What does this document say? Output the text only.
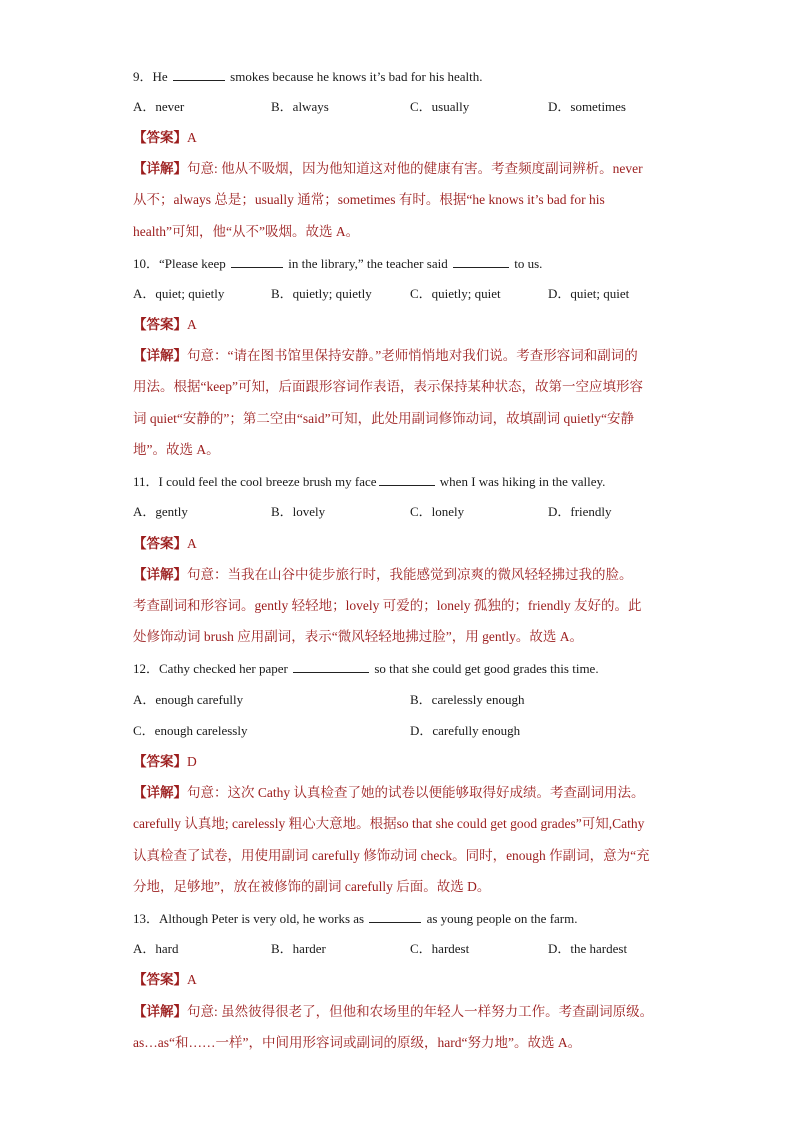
9．He	smokes because he knows it’s bad for his health.
A．never	B．always	C．usually	D．sometimes
【答案】A
【详解】句意: 他从不吸烟，因为他知道这对他的健康有害。考查频度副词辨析。never
从不；always 总是；usually 通常；sometimes 有时。根据“he knows it’s bad for his
health”可知，他“从不”吸烟。故选 A。
10．“Please keep	in the library,” the teacher said	to us.
A．quiet; quietly	B．quietly; quietly	C．quietly; quiet	D．quiet; quiet
【答案】A
【详解】句意：“请在图书馆里保持安静。”老师悄悄地对我们说。考查形容词和副词的
用法。根据“keep”可知，后面跟形容词作表语，表示保持某种状态，故第一空应填形容
词 quiet“安静的”；第二空由“said”可知，此处用副词修饰动词，故填副词 quietly“安静
地”。故选 A。
11．I could feel the cool breeze brush my face	when I was hiking in the valley.
A．gently	B．lovely	C．lonely	D．friendly
【答案】A
【详解】句意：当我在山谷中徒步旅行时，我能感觉到凉爽的微风轻轻拂过我的脸。
考查副词和形容词。gently 轻轻地；lovely 可爱的；lonely 孤独的；friendly 友好的。此
处修饰动词 brush 应用副词，表示“微风轻轻地拂过脸”，用 gently。故选 A。
12．Cathy checked her paper	so that she could get good grades this time.
A．enough carefully	B．carelessly enough
C．enough carelessly	D．carefully enough
【答案】D
【详解】句意：这次 Cathy 认真检查了她的试卷以便能够取得好成绩。考查副词用法。
carefully 认真地; carelessly 粗心大意地。根据so that she could get good grades”可知,Cathy
认真检查了试卷，用使用副词 carefully 修饰动词 check。同时，enough 作副词，意为“充
分地，足够地”，放在被修饰的副词 carefully 后面。故选 D。
13．Although Peter is very old, he works as	as young people on the farm.
A．hard	B．harder	C．hardest	D．the hardest
【答案】A
【详解】句意: 虽然彼得很老了，但他和农场里的年轻人一样努力工作。考查副词原级。
as…as“和……一样”，中间用形容词或副词的原级，hard“努力地”。故选 A。
